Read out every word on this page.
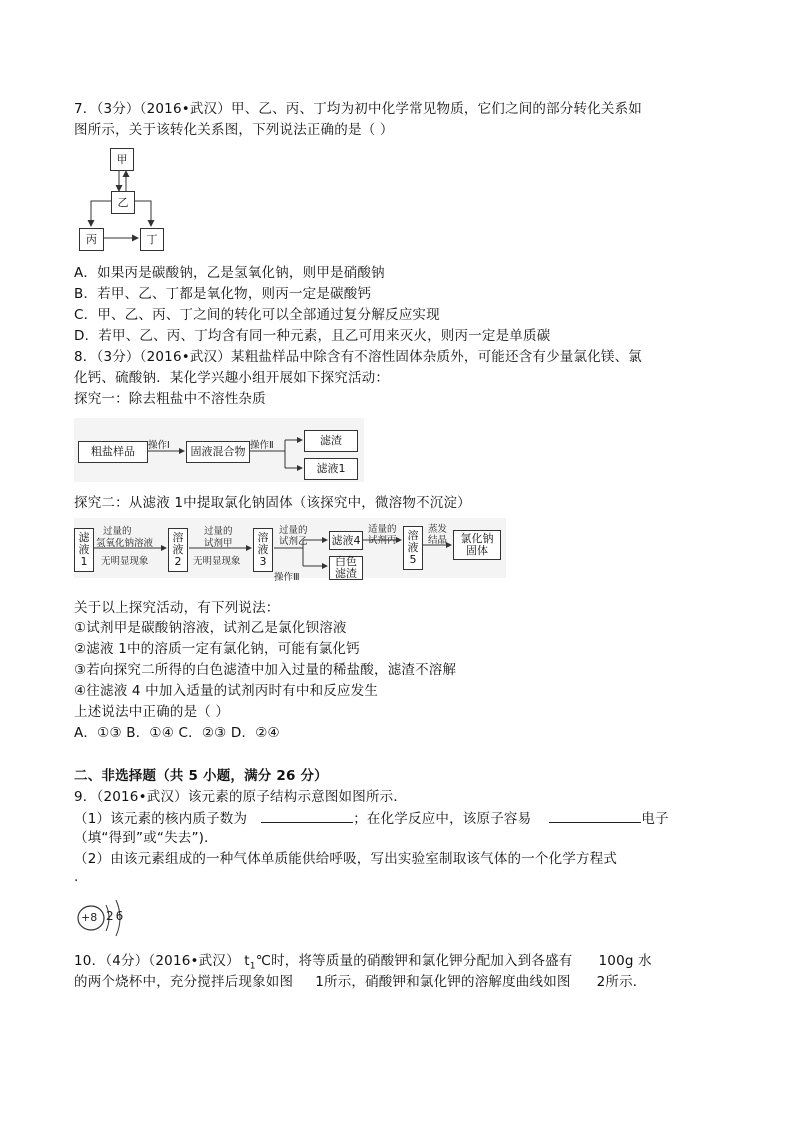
7．（3分）（2016•武汉）甲、乙、丙、丁均为初中化学常见物质，它们之间的部分转化关系如
图所示，关于该转化关系图，下列说法正确的是（ ）
甲
乙
丙	丁
A．如果丙是碳酸钠，乙是氢氧化钠，则甲是硝酸钠
B．若甲、乙、丁都是氧化物，则丙一定是碳酸钙
C．甲、乙、丙、丁之间的转化可以全部通过复分解反应实现
D．若甲、乙、丙、丁均含有同一种元素，且乙可用来灭火，则丙一定是单质碳
8．（3分）（2016•武汉）某粗盐样品中除含有不溶性固体杂质外，可能还含有少量氯化镁、氯
化钙、硫酸钠．某化学兴趣小组开展如下探究活动：
探究一：除去粗盐中不溶性杂质
粗盐样品	操作Ⅰ	固液混合物 操作Ⅱ	滤渣
滤液1
探究二：从滤液 1中提取氯化钠固体（该探究中，微溶物不沉淀）
滤
液
1
过量的
氢氧化钠溶液
无明显现象
溶
液
2
过量的
试剂甲
无明显现象
溶
液
3
过量的
试剂乙
操作Ⅲ
滤液4
白色
滤渣
适量的
试剂丙 溶
液
5
蒸发
结晶 氯化钠
固体
关于以上探究活动，有下列说法：
①试剂甲是碳酸钠溶液，试剂乙是氯化钡溶液
②滤液 1中的溶质一定有氯化钠，可能有氯化钙
③若向探究二所得的白色滤渣中加入过量的稀盐酸，滤渣不溶解
④往滤液 4 中加入适量的试剂丙时有中和反应发生
上述说法中正确的是（ ）
A．①③ B．①④ C．②③ D．②④
二、非选择题（共 5 小题，满分 26 分）
9．（2016•武汉）该元素的原子结构示意图如图所示．
（1）该元素的核内质子数为	；在化学反应中，该原子容易	电子
（填“得到”或“失去”)．
（2）由该元素组成的一种气体单质能供给呼吸，写出实验室制取该气体的一个化学方程式
.
+8 26
10．（4分）（2016•武汉） $t_1℃$时，将等质量的硝酸钾和氯化钾分配加入到各盛有 100g 水
的两个烧杯中，充分搅拌后现象如图 1所示，硝酸钾和氯化钾的溶解度曲线如图 2所示．
